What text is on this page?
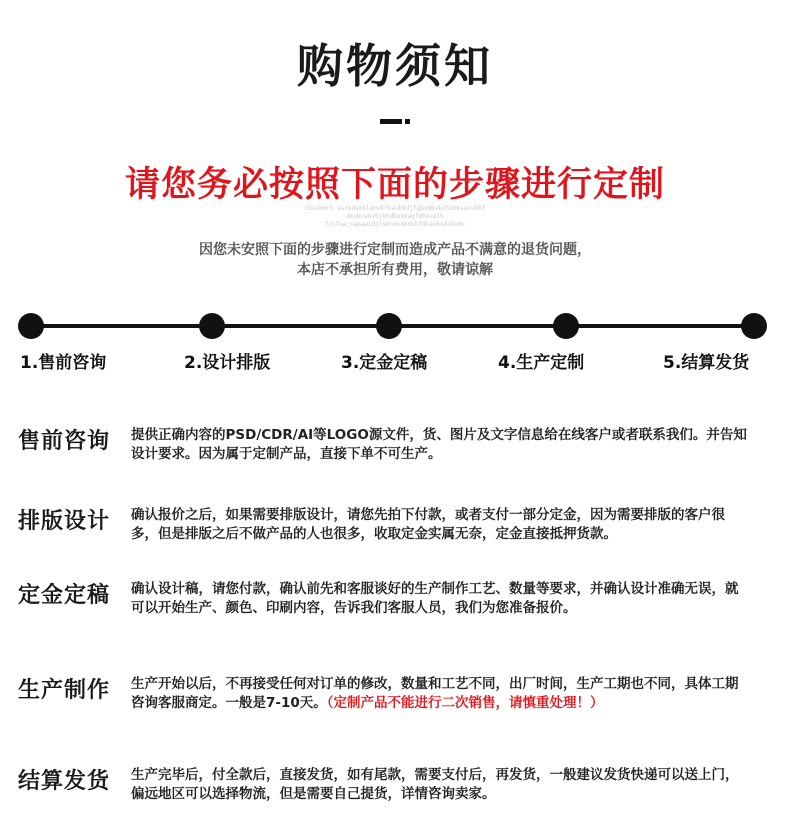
购物须知
请您务必按照下面的步骤进行定制
cbsxbmcl asckdsmkldnvkfkavbkdjfgbvdbvkchxbkvsnvkhf
dkvbcwkvbjkhdbvkbagfdhoudlh
f/ufua;oapawidjlsknovnkdshfdkaxkndshadc
因您未安照下面的步骤进行定制而造成产品不满意的退货问题，
本店不承担所有费用，敬请谅解
1.售前咨询	2.设计排版	3.定金定稿	4.生产定制	5.结算发货
售前咨询 提供正确内容的PSD/CDR/AI等LOGO源文件，货、图片及文字信息给在线客户或者联系我们。并告知设计要求。因为属于定制产品，直接下单不可生产。
排版设计 确认报价之后，如果需要排版设计，请您先拍下付款，或者支付一部分定金，因为需要排版的客户很多，但是排版之后不做产品的人也很多，收取定金实属无奈，定金直接抵押货款。
定金定稿 确认设计稿，请您付款，确认前先和客服谈好的生产制作工艺、数量等要求，并确认设计准确无误，就可以开始生产、颜色、印刷内容，告诉我们客服人员，我们为您准备报价。
生产制作 生产开始以后，不再接受任何对订单的修改，数量和工艺不同，出厂时间，生产工期也不同，具体工期咨询客服商定。一般是7-10天。（定制产品不能进行二次销售，请慎重处理！）
结算发货 生产完毕后，付全款后，直接发货，如有尾款，需要支付后，再发货，一般建议发货快递可以送上门，偏远地区可以选择物流，但是需要自己提货，详情咨询卖家。
